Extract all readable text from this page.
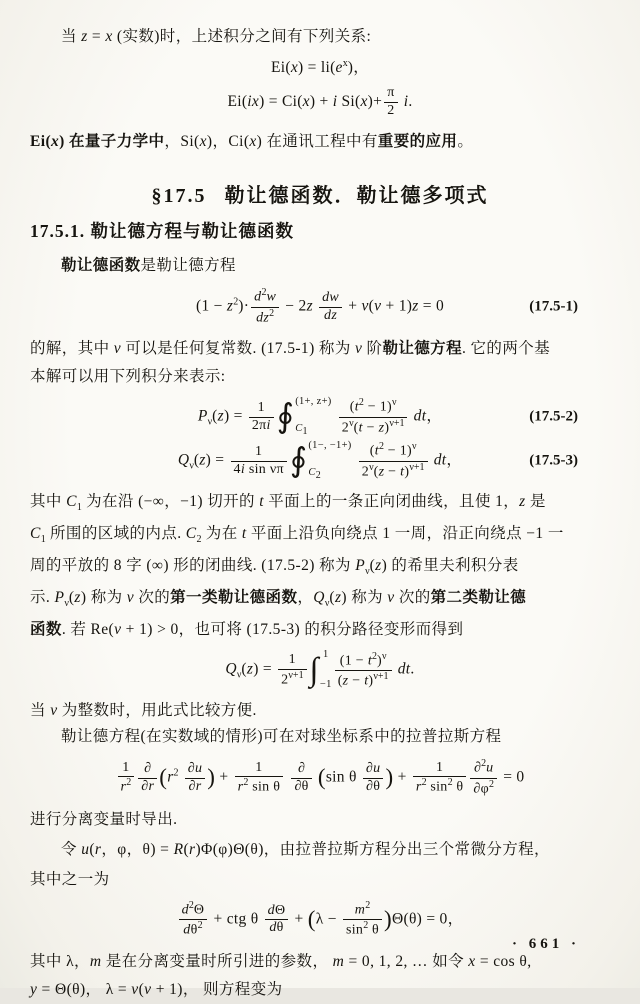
当 z = x (实数)时，上述积分之间有下列关系:

$Ei(x) = li(e^x)$，
Ei(ix) = Ci(x) + i $Si(x)+ \frac{\pi}{2} i$.

Ei(x) 在量子力学中，Si(x)，Ci(x) 在通讯工程中有重要的应用。

§17.5 勒让德函数．勒让德多项式
17.5.1. 勒让德方程与勒让德函数

勒让德函数是勒让德方程

$(1 - z^2)\cdot \frac{d^2w}{dz^2} - 2z \frac{dw}{dz} + \nu(\nu + 1)z = 0$	(17.5-1)

的解，其中 ν 可以是任何复常数. (17.5-1) 称为 ν 阶勒让德方程. 它的两个基

本解可以用下列积分来表示:

$P_\nu(z) = \frac{1}{2\pi i}$ ∮ (1+, z+)
$C_1$
	$\frac{(t^2 - 1)^\nu}{2^\nu(t - z)^{\nu+1}}$ dt，	(17.5-2)
$Q_\nu(z) = \frac{1}{\text{4i sin νπ}}$ ∮ (1−, −1+)
$C_2$
	$\frac{(t^2 - 1)^\nu}{2^\nu(z - t)^{\nu+1}}$ dt，	(17.5-3)

其中 $C_1$ 为在沿 (−∞，−1) 切开的 t 平面上的一条正向闭曲线，且使 1，z 是

$C_1$ 所围的区域的内点. $C_2$ 为在 t 平面上沿负向绕点 1 一周，沿正向绕点 −1 一

周的平放的 8 字 (∞) 形的闭曲线. (17.5-2) 称为 $P_\nu(z)$ 的希里夫利积分表

示. $P_\nu(z)$ 称为 ν 次的第一类勒让德函数，$Q_\nu(z)$ 称为 ν 次的第二类勒让德

函数. 若 Re(ν + 1) > 0，也可将 (17.5-3) 的积分路径变形而得到

$Q_\nu(z) = \frac{1}{2^{\nu+1}}$ ∫ 1
$-1 \frac{(1 - t^2)^\nu}{(z - t)^{\nu+1}}$ dt.

当 ν 为整数时，用此式比较方便.

勒让德方程(在实数域的情形)可在对球坐标系中的拉普拉斯方程

$\frac{1}{r^2}$ ∂
∂r ($r^2 \frac{\partial u}{\partial r}$ ) + $\frac{1}{r^2 \sin \theta}$
	∂
∂θ (sin θ $\frac{\partial u}{\partial\theta}$ ) + $\frac{1}{r^2 \sin^2 \theta} \frac{\partial^2u}{\partial\varphi^2} = 0$

进行分离变量时导出.

令 u(r，φ，θ) = R(r)Φ(φ)Θ(θ)，由拉普拉斯方程分出三个常微分方程，

其中之一为

$\frac{d^2\Theta}{d\theta^2}$ + ctg θ $\frac{d\Theta}{d\theta} + (\lambda - \frac{m^2}{\sin^2 \theta} )\Theta(\theta) = 0$，

其中 λ，m 是在分离变量时所引进的参数， m = 0, 1, 2, … 如令 x = cos θ,

y = Θ(θ)， λ = ν(ν + 1)， 则方程变为

· 661 ·
